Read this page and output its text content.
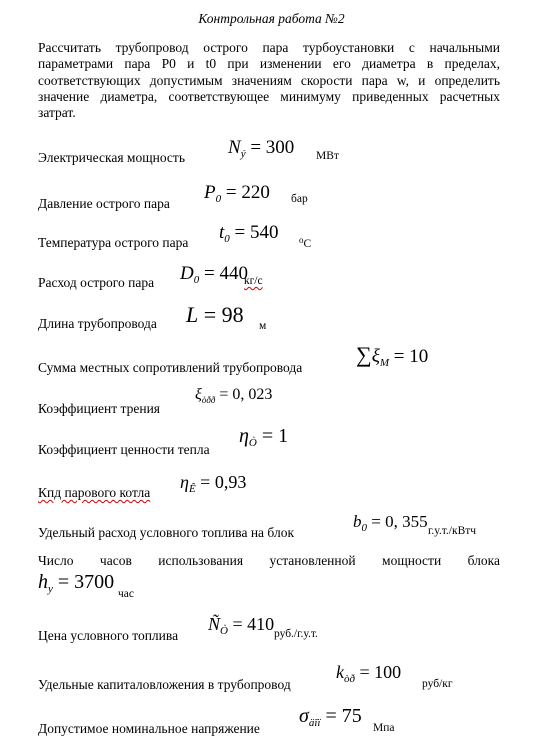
Контрольная работа №2
Рассчитать трубопровод острого пара турбоустановки с начальными параметрами пара P0 и t0 при изменении его диаметра в пределах, соответствующих допустимым значениям скорости пара w, и определить значение диаметра, соответствующее минимуму приведенных расчетных затрат.
Электрическая мощность $N_ý = 300$ МВт
Давление острого пара
$P_0 = 220$ бар
Температура острого пара $t_0 = 540$ $^o$C
Расход острого пара $D_0 = 440$
кг/с
Длина трубопровода L = 98 м
Сумма местных сопротивлений трубопровода
$\sum\xi_M = 10$
Коэффициент трения
$\xi_{òðð} = 0$, 023
Коэффициент ценности тепла
$\eta_Ò = 1$
Кпд парового котла
$\eta_Ê = 0,93$
Удельный расход условного топлива на блок
$b_0 = 0$, 355 г.у.т./кВтч
Число часов использования установленной мощности блока
$h_у = 3700$
час
Цена условного топлива
$Ñ_Ò = 410$ руб./г.у.т.
Удельные капиталовложения в трубопровод
$k_{òð} = 100$
руб/кг
Допустимое номинальное напряжение
$\sigma_{äîï} = 75$
Мпа
